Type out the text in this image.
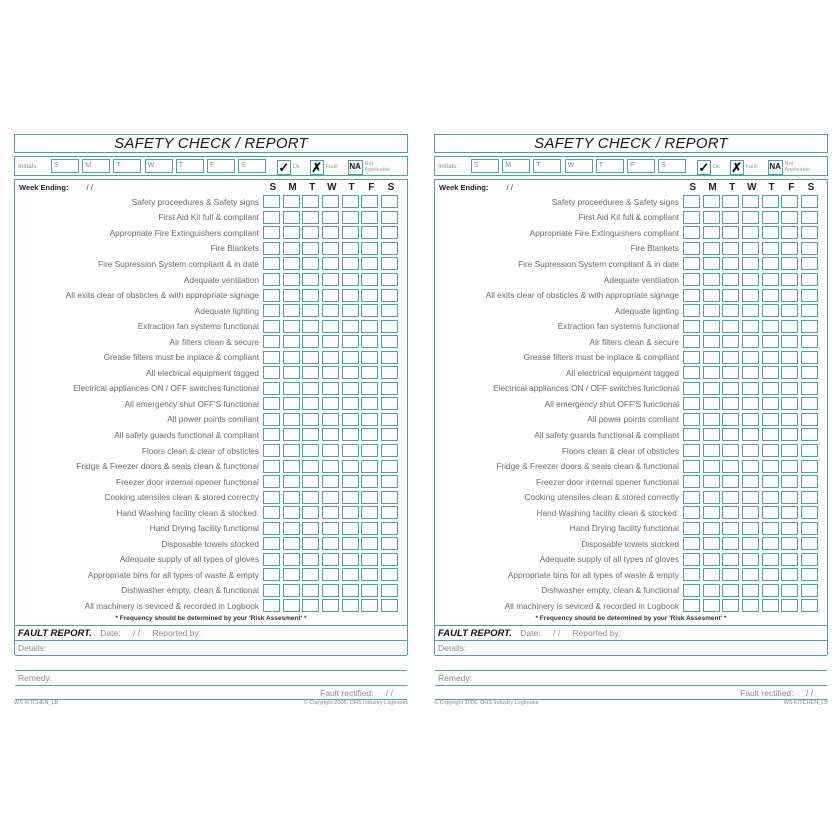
SAFETY CHECK / REPORT
Initials:	S	M	T	W	T	F	S	✓ Ok ✗ Fault NA Not Applicable
Week Ending: / /	S	M	T	W	T	F	S
Safety proceedures & Safety signs
First Aid Kit full & compliant
Appropriate Fire Extinguishers compliant
Fire Blankets
Fire Supression System compliant & in date
Adequate ventilation
All exits clear of obsticles & with appropriate signage
Adequate lighting
Extraction fan systems functional
Air filters clean & secure
Grease filters must be inplace & compliant
All electrical equipment tagged
Electrical appliances ON / OFF switches functional
All emergency shut OFF'S functional
All power points comliant
All safety guards functional & compliant
Floors clean & clear of obsticles
Fridge & Freezer doors & seals clean & functional
Freezer door internal opener functional
Cooking utensiles clean & stored correctly
Hand Washing facility clean & stocked.
Hand Drying facility functional
Disposable towels stocked
Adequate supply of all types of gloves
Appropriate bins for all types of waste & empty
Dishwasher empty, clean & functional
All machinery is seviced & recorded in Logbook
* Frequency should be determined by your 'Risk Assesment' *
FAULT REPORT. Date: / / Reported by:
Details:
Remedy:
Fault rectified: / /
WS KITCHEN_LB	© Copyright 2006, OHS Industry Logbooks
SAFETY CHECK / REPORT
Initials:	S	M	T	W	T	F	S	✓ Ok ✗ Fault NA Not Applicable
Week Ending: / /	S	M	T	W	T	F	S
Safety proceedures & Safety signs
First Aid Kit full & compliant
Appropriate Fire Extinguishers compliant
Fire Blankets
Fire Supression System compliant & in date
Adequate ventilation
All exits clear of obsticles & with appropriate signage
Adequate lighting
Extraction fan systems functional
Air filters clean & secure
Grease filters must be inplace & compliant
All electrical equipment tagged
Electrical appliances ON / OFF switches functional
All emergency shut OFF'S functional
All power points comliant
All safety guards functional & compliant
Floors clean & clear of obsticles
Fridge & Freezer doors & seals clean & functional
Freezer door internal opener functional
Cooking utensiles clean & stored correctly
Hand Washing facility clean & stocked.
Hand Drying facility functional
Disposable towels stocked
Adequate supply of all types of gloves
Appropriate bins for all types of waste & empty
Dishwasher empty, clean & functional
All machinery is seviced & recorded in Logbook
* Frequency should be determined by your 'Risk Assesment' *
FAULT REPORT. Date: / / Reported by:
Details:
Remedy:
Fault rectified: / /
© Copyright 2006, OHS Industry Logbooks	WS KITCHEN_LB
